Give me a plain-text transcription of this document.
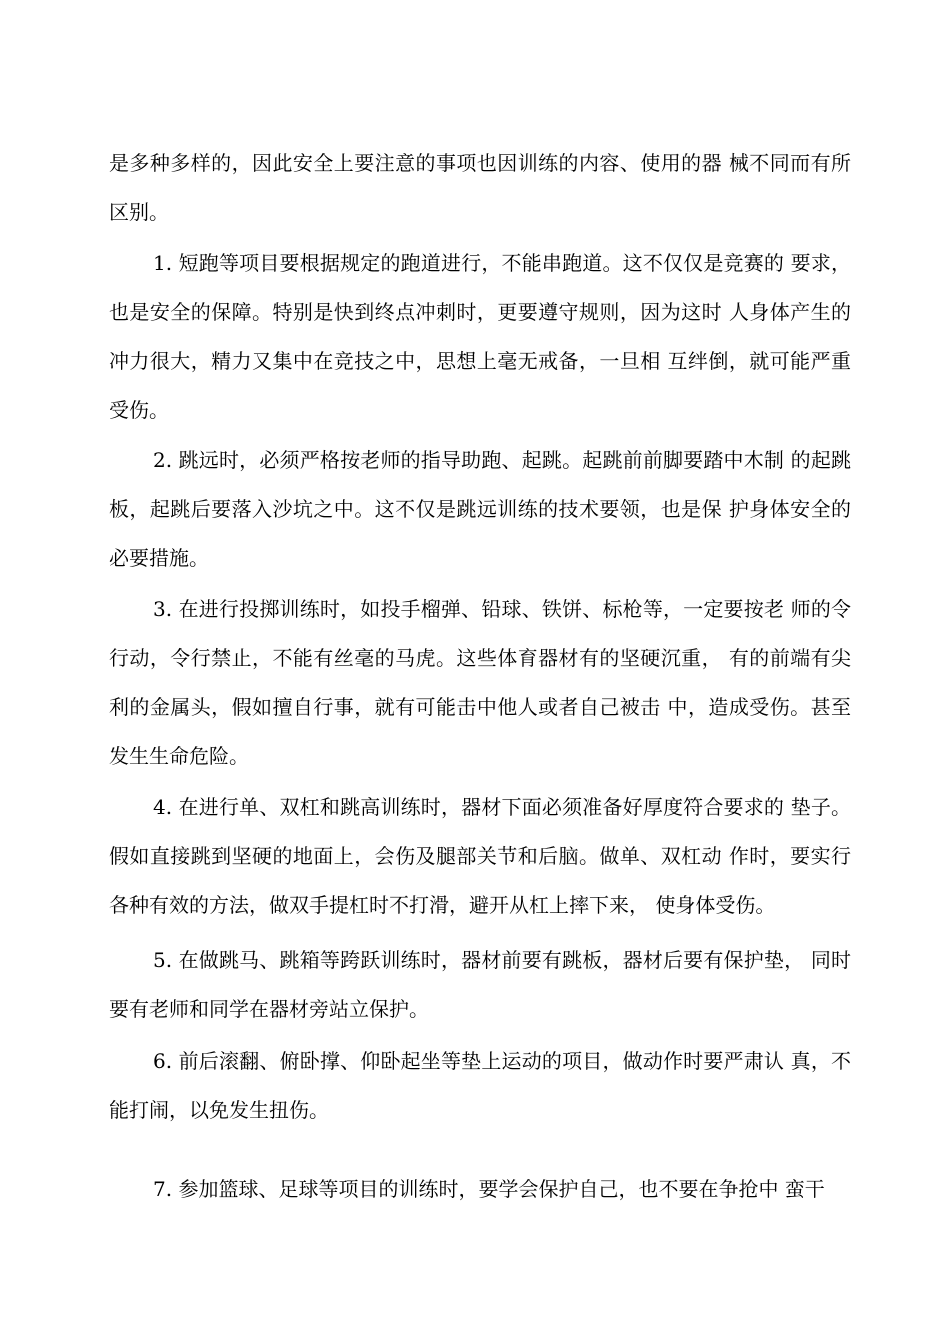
是多种多样的，因此安全上要注意的事项也因训练的内容、使用的器 械不同而有所区别。

1. 短跑等项目要根据规定的跑道进行，不能串跑道。这不仅仅是竞赛的 要求，也是安全的保障。特别是快到终点冲刺时，更要遵守规则，因为这时 人身体产生的冲力很大，精力又集中在竞技之中，思想上毫无戒备，一旦相 互绊倒，就可能严重受伤。

2. 跳远时，必须严格按老师的指导助跑、起跳。起跳前前脚要踏中木制 的起跳板，起跳后要落入沙坑之中。这不仅是跳远训练的技术要领，也是保 护身体安全的必要措施。

3. 在进行投掷训练时，如投手榴弹、铅球、铁饼、标枪等，一定要按老 师的令行动，令行禁止，不能有丝毫的马虎。这些体育器材有的坚硬沉重， 有的前端有尖利的金属头，假如擅自行事，就有可能击中他人或者自己被击 中，造成受伤。甚至发生生命危险。

4. 在进行单、双杠和跳高训练时，器材下面必须准备好厚度符合要求的 垫子。假如直接跳到坚硬的地面上，会伤及腿部关节和后脑。做单、双杠动 作时，要实行各种有效的方法，做双手提杠时不打滑，避开从杠上摔下来， 使身体受伤。

5. 在做跳马、跳箱等跨跃训练时，器材前要有跳板，器材后要有保护垫， 同时要有老师和同学在器材旁站立保护。

6. 前后滚翻、俯卧撑、仰卧起坐等垫上运动的项目，做动作时要严肃认 真，不能打闹，以免发生扭伤。

7. 参加篮球、足球等项目的训练时，要学会保护自己，也不要在争抢中 蛮干
